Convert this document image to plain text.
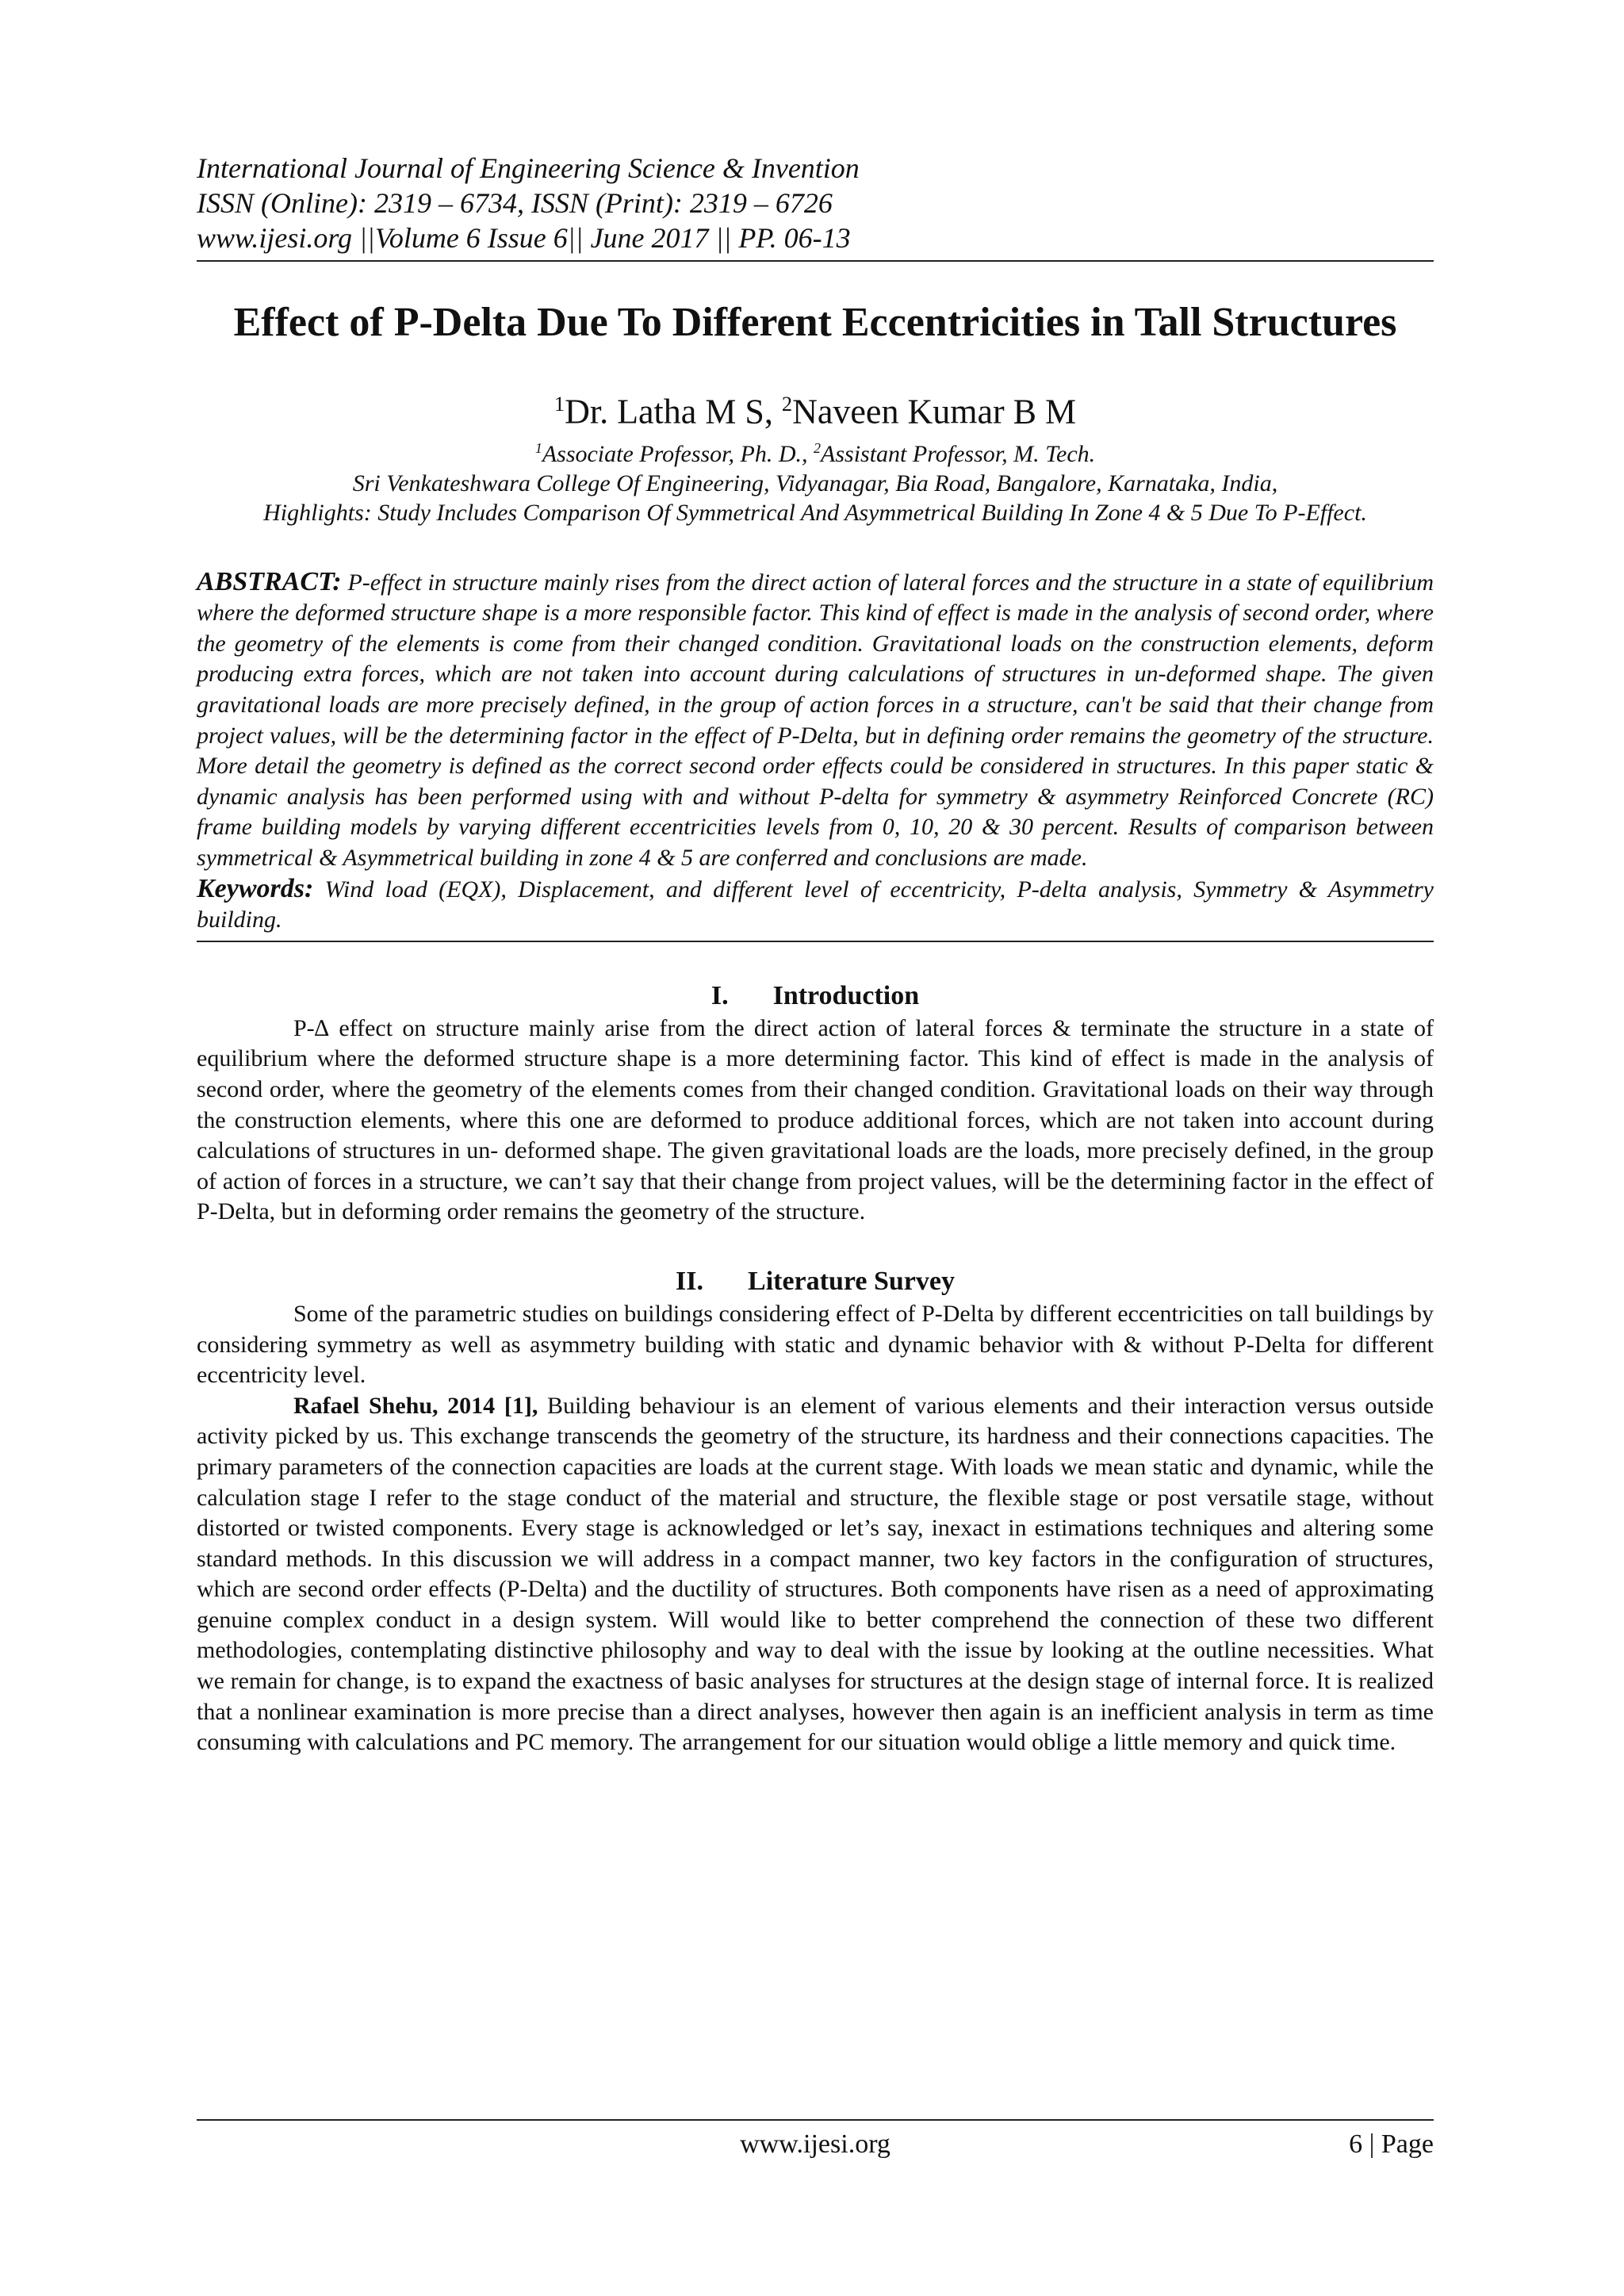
International Journal of Engineering Science & Invention
ISSN (Online): 2319 – 6734, ISSN (Print): 2319 – 6726
www.ijesi.org ||Volume 6 Issue 6|| June 2017 || PP. 06-13
Effect of P-Delta Due To Different Eccentricities in Tall Structures
$^1$Dr. Latha M S, $^2$Naveen Kumar B M
$^1$Associate Professor, Ph. D., $^2$Assistant Professor, M. Tech.
Sri Venkateshwara College Of Engineering, Vidyanagar, Bia Road, Bangalore, Karnataka, India,
Highlights: Study Includes Comparison Of Symmetrical And Asymmetrical Building In Zone 4 & 5 Due To P-Effect.
ABSTRACT: P-effect in structure mainly rises from the direct action of lateral forces and the structure in a state of equilibrium where the deformed structure shape is a more responsible factor. This kind of effect is made in the analysis of second order, where the geometry of the elements is come from their changed condition. Gravitational loads on the construction elements, deform producing extra forces, which are not taken into account during calculations of structures in un-deformed shape. The given gravitational loads are more precisely defined, in the group of action forces in a structure, can't be said that their change from project values, will be the determining factor in the effect of P-Delta, but in defining order remains the geometry of the structure. More detail the geometry is defined as the correct second order effects could be considered in structures. In this paper static & dynamic analysis has been performed using with and without P-delta for symmetry & asymmetry Reinforced Concrete (RC) frame building models by varying different eccentricities levels from 0, 10, 20 & 30 percent. Results of comparison between symmetrical & Asymmetrical building in zone 4 & 5 are conferred and conclusions are made.
Keywords: Wind load (EQX), Displacement, and different level of eccentricity, P-delta analysis, Symmetry & Asymmetry building.
I. Introduction

P-∆ effect on structure mainly arise from the direct action of lateral forces & terminate the structure in a state of equilibrium where the deformed structure shape is a more determining factor. This kind of effect is made in the analysis of second order, where the geometry of the elements comes from their changed condition. Gravitational loads on their way through the construction elements, where this one are deformed to produce additional forces, which are not taken into account during calculations of structures in un- deformed shape. The given gravitational loads are the loads, more precisely defined, in the group of action of forces in a structure, we can’t say that their change from project values, will be the determining factor in the effect of P-Delta, but in deforming order remains the geometry of the structure.

II. Literature Survey

Some of the parametric studies on buildings considering effect of P-Delta by different eccentricities on tall buildings by considering symmetry as well as asymmetry building with static and dynamic behavior with & without P-Delta for different eccentricity level.

Rafael Shehu, 2014 [1], Building behaviour is an element of various elements and their interaction versus outside activity picked by us. This exchange transcends the geometry of the structure, its hardness and their connections capacities. The primary parameters of the connection capacities are loads at the current stage. With loads we mean static and dynamic, while the calculation stage I refer to the stage conduct of the material and structure, the flexible stage or post versatile stage, without distorted or twisted components. Every stage is acknowledged or let’s say, inexact in estimations techniques and altering some standard methods. In this discussion we will address in a compact manner, two key factors in the configuration of structures, which are second order effects (P-Delta) and the ductility of structures. Both components have risen as a need of approximating genuine complex conduct in a design system. Will would like to better comprehend the connection of these two different methodologies, contemplating distinctive philosophy and way to deal with the issue by looking at the outline necessities. What we remain for change, is to expand the exactness of basic analyses for structures at the design stage of internal force. It is realized that a nonlinear examination is more precise than a direct analyses, however then again is an inefficient analysis in term as time consuming with calculations and PC memory. The arrangement for our situation would oblige a little memory and quick time.

www.ijesi.org	6 | Page
